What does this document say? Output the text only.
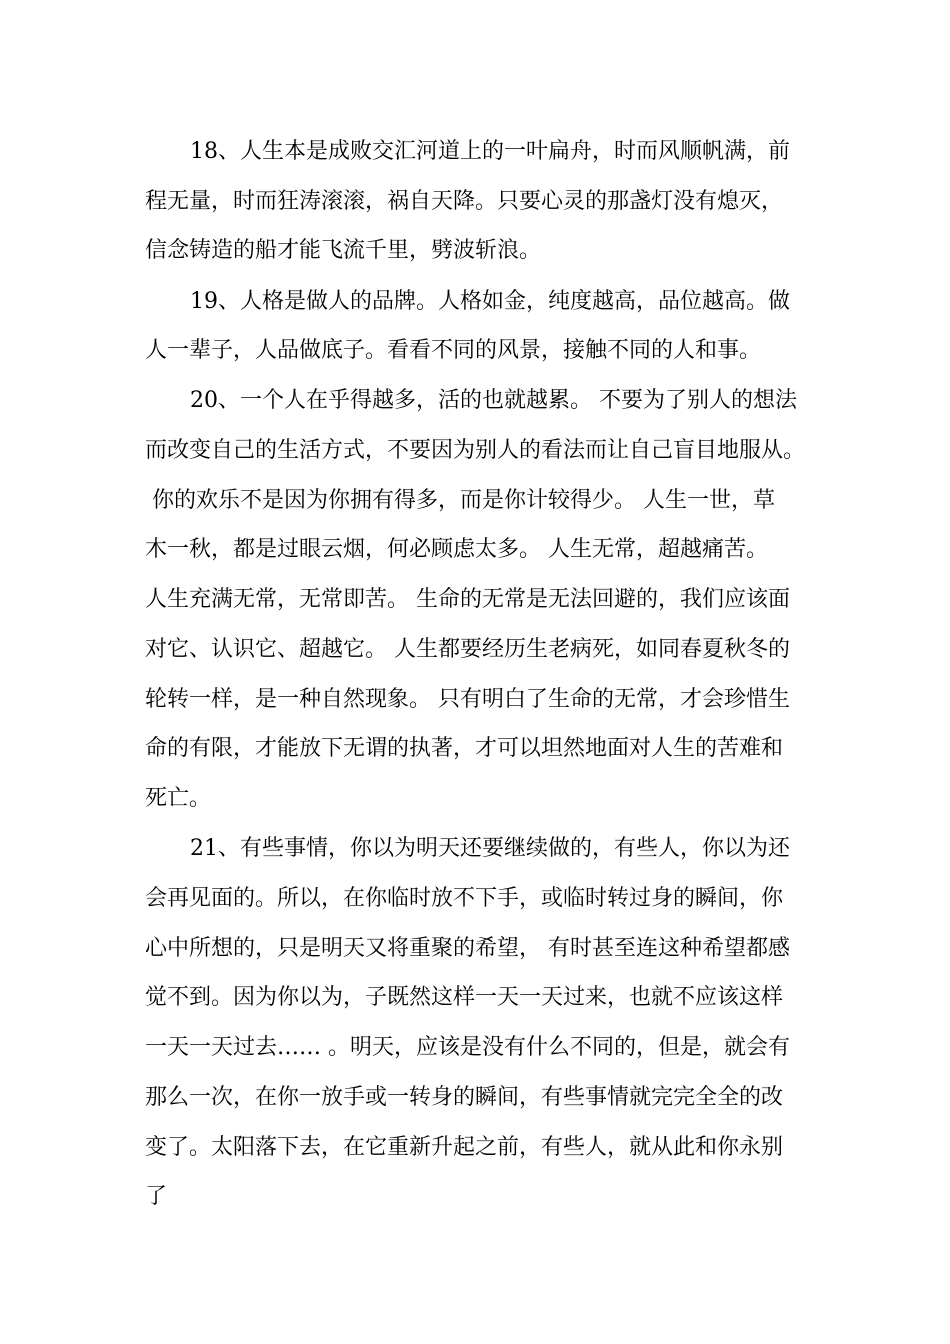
18、人生本是成败交汇河道上的一叶扁舟，时而风顺帆满，前
程无量，时而狂涛滚滚，祸自天降。只要心灵的那盏灯没有熄灭，
信念铸造的船才能飞流千里，劈波斩浪。
19、人格是做人的品牌。人格如金，纯度越高，品位越高。做
人一辈子，人品做底子。看看不同的风景，接触不同的人和事。
20、一个人在乎得越多，活的也就越累。 不要为了别人的想法
而改变自己的生活方式，不要因为别人的看法而让自己盲目地服从。
你的欢乐不是因为你拥有得多，而是你计较得少。 人生一世，草
木一秋，都是过眼云烟，何必顾虑太多。 人生无常，超越痛苦。
人生充满无常，无常即苦。 生命的无常是无法回避的，我们应该面
对它、认识它、超越它。 人生都要经历生老病死，如同春夏秋冬的
轮转一样，是一种自然现象。 只有明白了生命的无常，才会珍惜生
命的有限，才能放下无谓的执著，才可以坦然地面对人生的苦难和
死亡。
21、有些事情，你以为明天还要继续做的，有些人，你以为还
会再见面的。所以，在你临时放不下手，或临时转过身的瞬间，你
心中所想的，只是明天又将重聚的希望， 有时甚至连这种希望都感
觉不到。因为你以为，子既然这样一天一天过来，也就不应该这样
一天一天过去…… 。明天，应该是没有什么不同的，但是，就会有
那么一次，在你一放手或一转身的瞬间，有些事情就完完全全的改
变了。太阳落下去，在它重新升起之前，有些人，就从此和你永别
了
